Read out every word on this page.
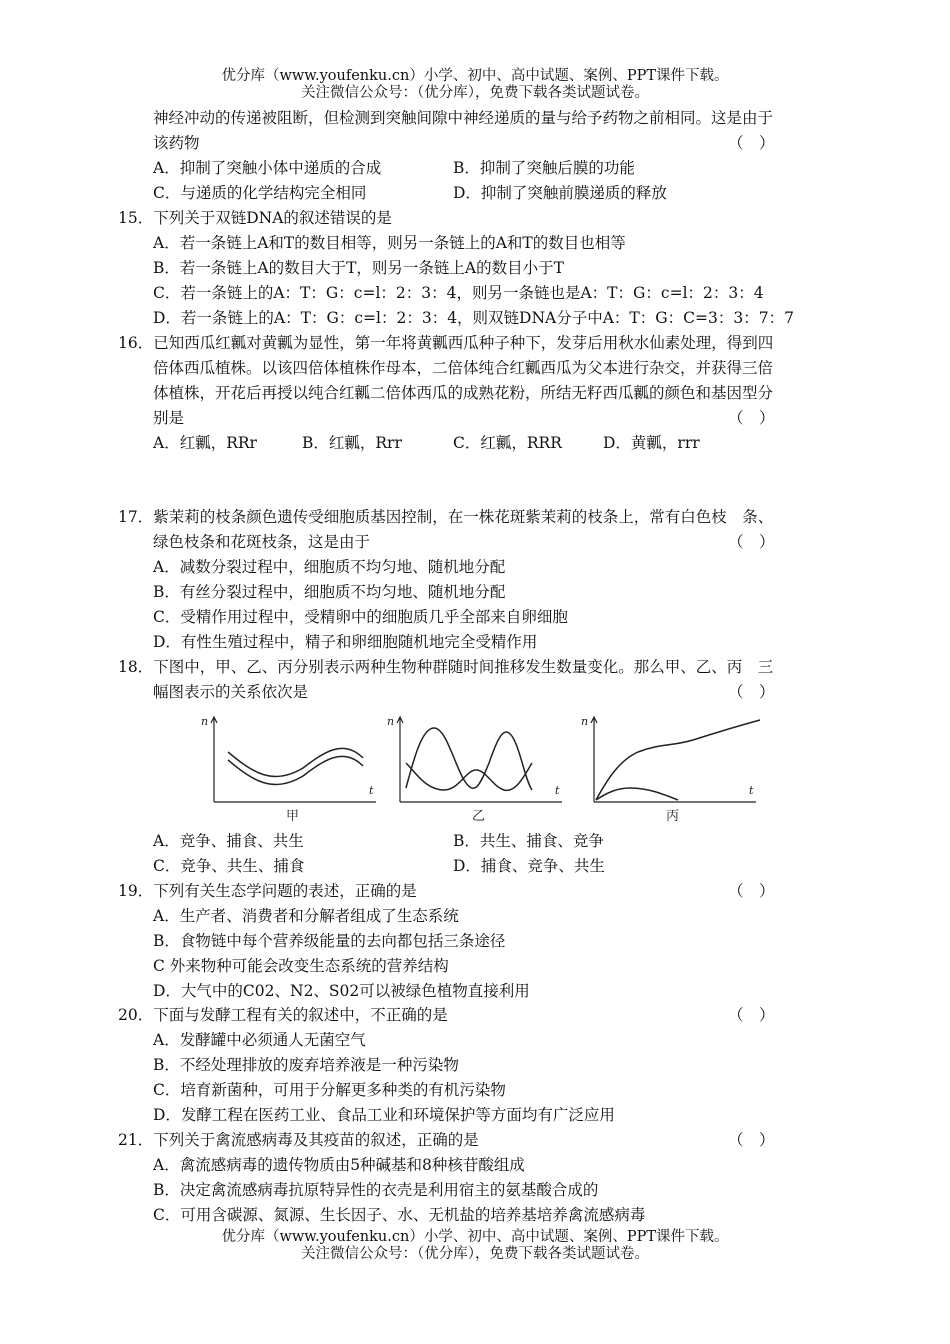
优分库（www.youfenku.cn）小学、初中、高中试题、案例、PPT课件下载。
关注微信公众号：（优分库），免费下载各类试题试卷。
神经冲动的传递被阻断，但检测到突触间隙中神经递质的量与给予药物之前相同。这是由于
该药物	（　）
A．抑制了突触小体中递质的合成	B．抑制了突触后膜的功能
C．与递质的化学结构完全相同	D．抑制了突触前膜递质的释放
15．下列关于双链DNA的叙述错误的是
A．若一条链上A和T的数目相等，则另一条链上的A和T的数目也相等
B．若一条链上A的数目大于T，则另一条链上A的数目小于T
C．若一条链上的A：T：G：c=l：2：3：4，则另一条链也是A：T：G：c=l：2：3：4
D．若一条链上的A：T：G：c=l：2：3：4，则双链DNA分子中A：T：G：C=3：3：7：7
16．已知西瓜红瓤对黄瓤为显性，第一年将黄瓤西瓜种子种下，发芽后用秋水仙素处理，得到四
倍体西瓜植株。以该四倍体植株作母本，二倍体纯合红瓤西瓜为父本进行杂交，并获得三倍
体植株，开花后再授以纯合红瓤二倍体西瓜的成熟花粉，所结无籽西瓜瓤的颜色和基因型分
别是	（　）
A．红瓤，RRr	B．红瓤，Rrr	C．红瓤，RRR	D．黄瓤，rrr
17．紫茉莉的枝条颜色遗传受细胞质基因控制，在一株花斑紫茉莉的枝条上，常有白色枝　条、
绿色枝条和花斑枝条，这是由于	（　）
A．减数分裂过程中，细胞质不均匀地、随机地分配
B．有丝分裂过程中，细胞质不均匀地、随机地分配
C．受精作用过程中，受精卵中的细胞质几乎全部来自卵细胞
D．有性生殖过程中，精子和卵细胞随机地完全受精作用
18．下图中，甲、乙、丙分别表示两种生物种群随时间推移发生数量变化。那么甲、乙、丙　三
幅图表示的关系依次是	（　）
n
t
甲
n
t
乙
n
t
丙
A．竞争、捕食、共生	B．共生、捕食、竞争
C．竞争、共生、捕食	D．捕食、竞争、共生
19．下列有关生态学问题的表述，正确的是	（　）
A．生产者、消费者和分解者组成了生态系统
B．食物链中每个营养级能量的去向都包括三条途径
C 外来物种可能会改变生态系统的营养结构
D．大气中的C02、N2、S02可以被绿色植物直接利用
20．下面与发酵工程有关的叙述中，不正确的是	（　）
A．发酵罐中必须通人无菌空气
B．不经处理排放的废弃培养液是一种污染物
C．培育新菌种，可用于分解更多种类的有机污染物
D．发酵工程在医药工业、食品工业和环境保护等方面均有广泛应用
21．下列关于禽流感病毒及其疫苗的叙述，正确的是	（　）
A．禽流感病毒的遗传物质由5种碱基和8种核苷酸组成
B．决定禽流感病毒抗原特异性的衣壳是利用宿主的氨基酸合成的
C．可用含碳源、氮源、生长因子、水、无机盐的培养基培养禽流感病毒
优分库（www.youfenku.cn）小学、初中、高中试题、案例、PPT课件下载。
关注微信公众号：（优分库），免费下载各类试题试卷。
